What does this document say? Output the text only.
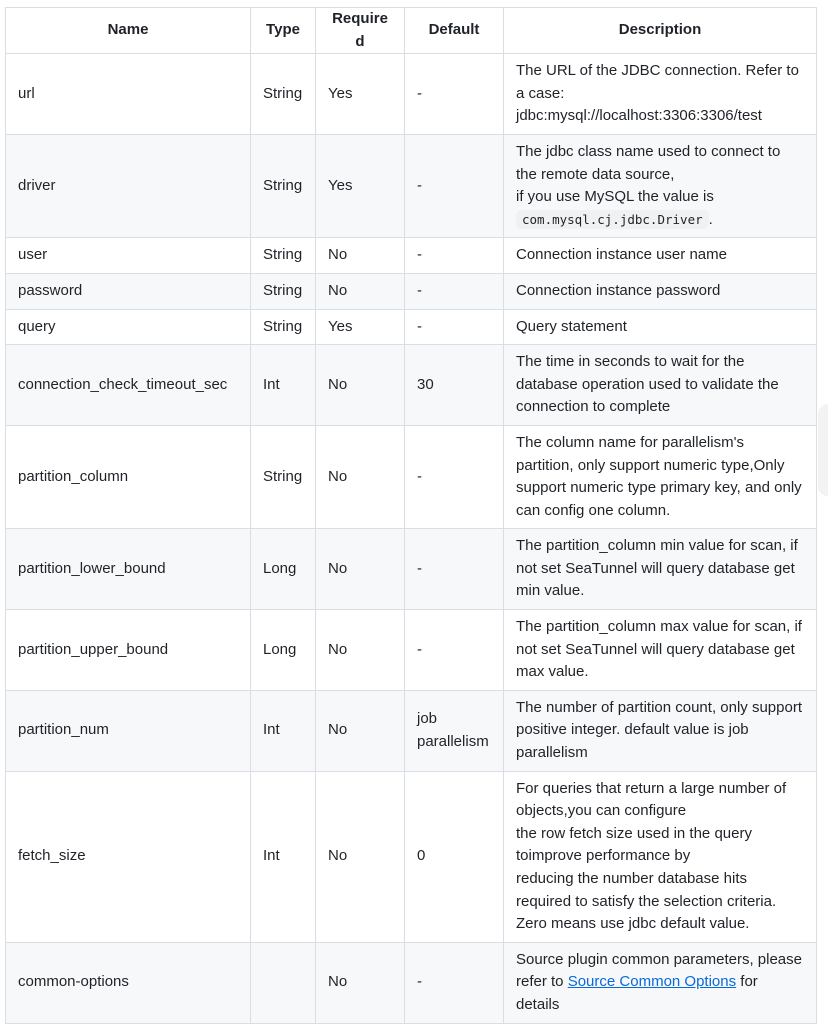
Name	Type	Required	Default	Description
url	String	Yes	-	The URL of the JDBC connection. Refer to a case: jdbc:mysql://localhost:3306:3306/test
driver	String	Yes	-	The jdbc class name used to connect to the remote data source,
if you use MySQL the value is
com.mysql.cj.jdbc.Driver .
user	String	No	-	Connection instance user name
password	String	No	-	Connection instance password
query	String	Yes	-	Query statement
connection_check_timeout_sec	Int	No	30	The time in seconds to wait for the database operation used to validate the connection to complete
partition_column	String	No	-	The column name for parallelism's partition, only support numeric type,Only support numeric type primary key, and only can config one column.
partition_lower_bound	Long	No	-	The partition_column min value for scan, if not set SeaTunnel will query database get min value.
partition_upper_bound	Long	No	-	The partition_column max value for scan, if not set SeaTunnel will query database get max value.
partition_num	Int	No	job parallelism	The number of partition count, only support positive integer. default value is job parallelism
fetch_size	Int	No	0	For queries that return a large number of objects,you can configure
the row fetch size used in the query toimprove performance by
reducing the number database hits required to satisfy the selection criteria.
Zero means use jdbc default value.
common-options		No	-	Source plugin common parameters, please refer to Source Common Options for details
